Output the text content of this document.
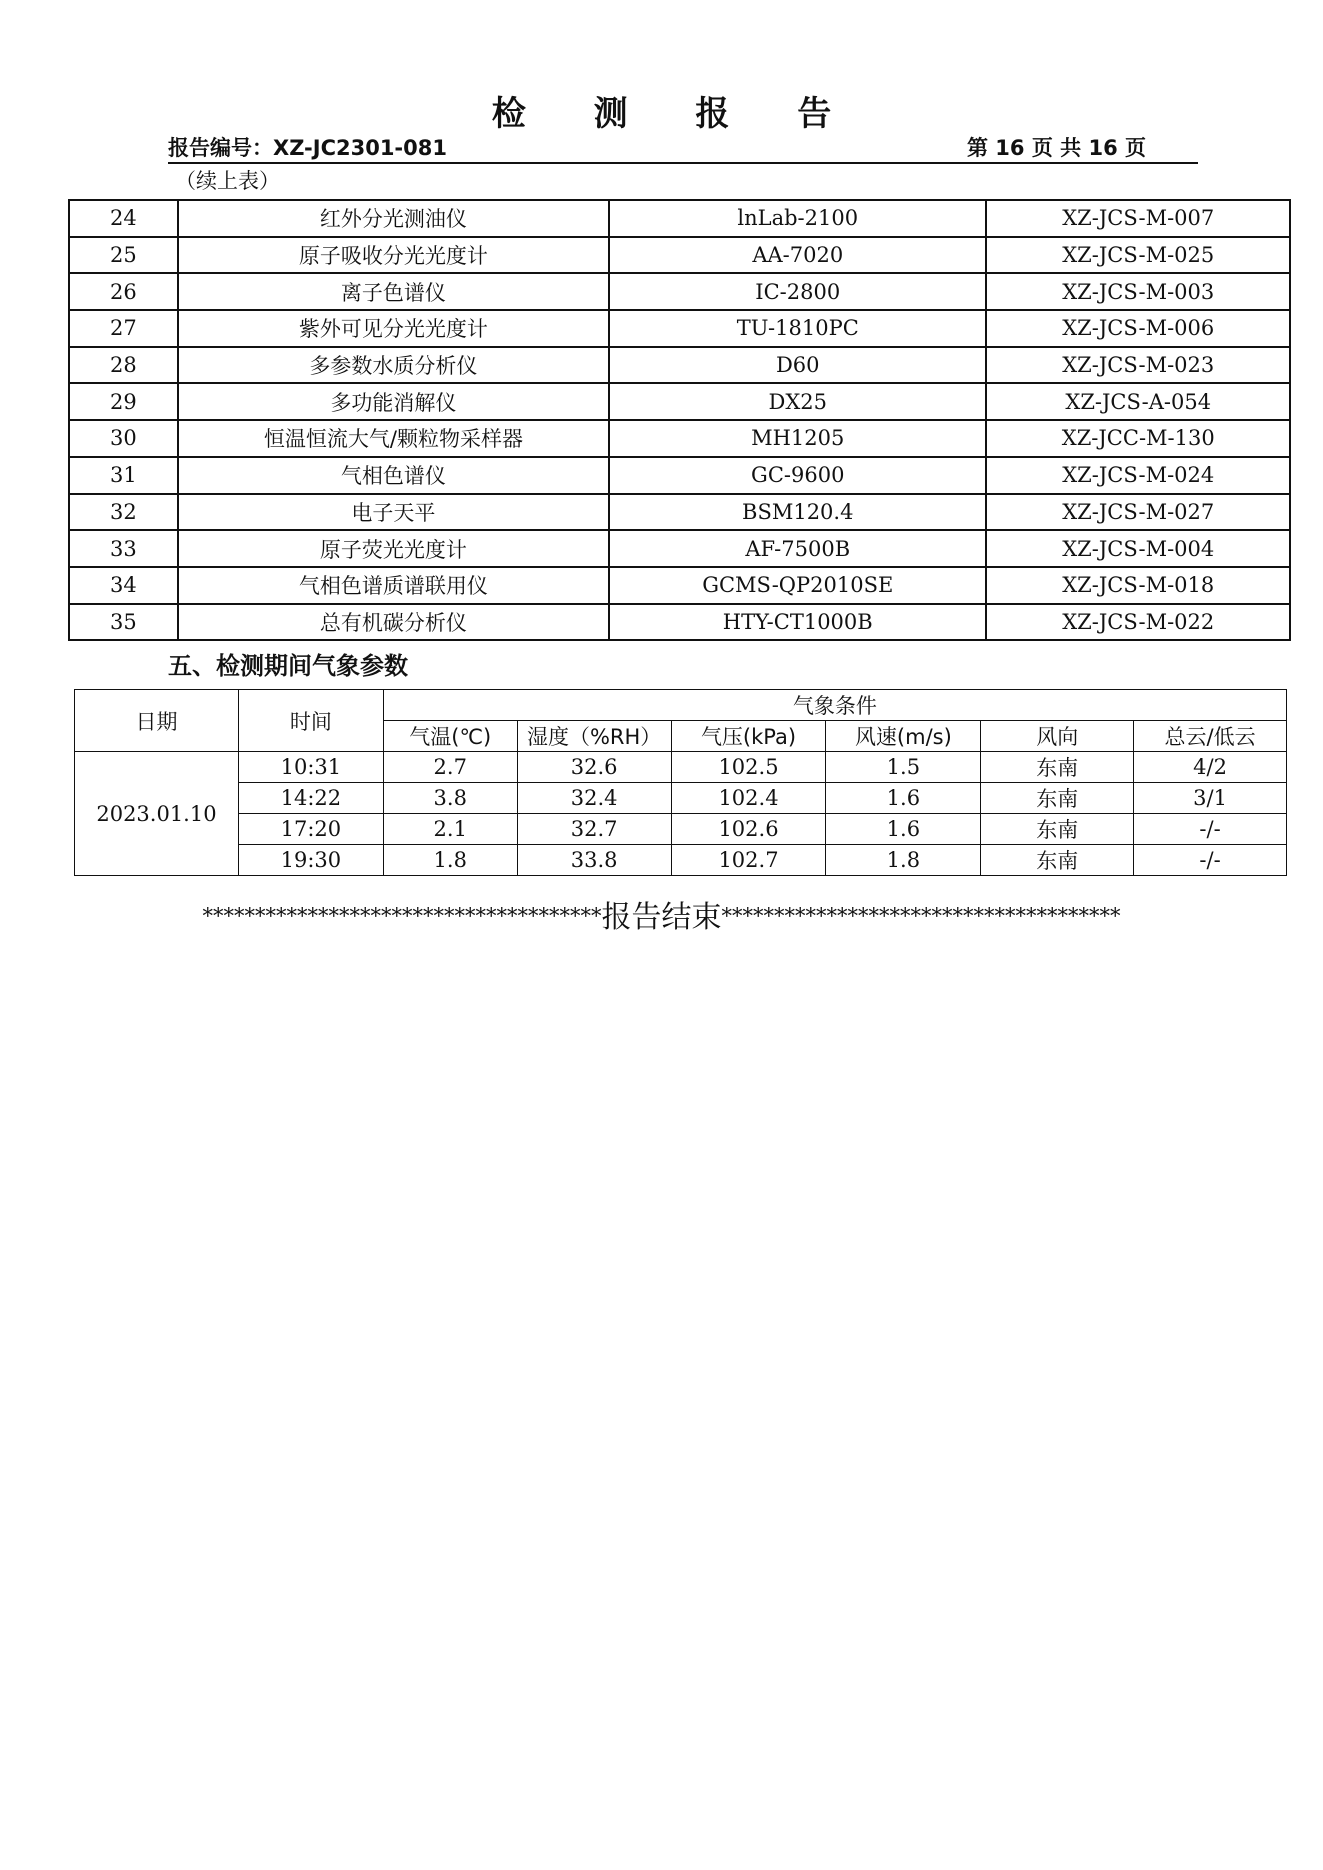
检 测 报 告
报告编号：XZ-JC2301-081	第 16 页 共 16 页
（续上表）
24	红外分光测油仪	lnLab-2100	XZ-JCS-M-007
25	原子吸收分光光度计	AA-7020	XZ-JCS-M-025
26	离子色谱仪	IC-2800	XZ-JCS-M-003
27	紫外可见分光光度计	TU-1810PC	XZ-JCS-M-006
28	多参数水质分析仪	D60	XZ-JCS-M-023
29	多功能消解仪	DX25	XZ-JCS-A-054
30	恒温恒流大气/颗粒物采样器	MH1205	XZ-JCC-M-130
31	气相色谱仪	GC-9600	XZ-JCS-M-024
32	电子天平	BSM120.4	XZ-JCS-M-027
33	原子荧光光度计	AF-7500B	XZ-JCS-M-004
34	气相色谱质谱联用仪	GCMS-QP2010SE	XZ-JCS-M-018
35	总有机碳分析仪	HTY-CT1000B	XZ-JCS-M-022
五、检测期间气象参数
日期	时间	气象条件					
		气温(℃)	湿度（%RH）	气压(kPa)	风速(m/s)	风向	总云/低云
2023.01.10	10:31	2.7	32.6	102.5	1.5	东南	4/2
	14:22	3.8	32.4	102.4	1.6	东南	3/1
	17:20	2.1	32.7	102.6	1.6	东南	-/-
	19:30	1.8	33.8	102.7	1.8	东南	-/-
**************************************报告结束**************************************
